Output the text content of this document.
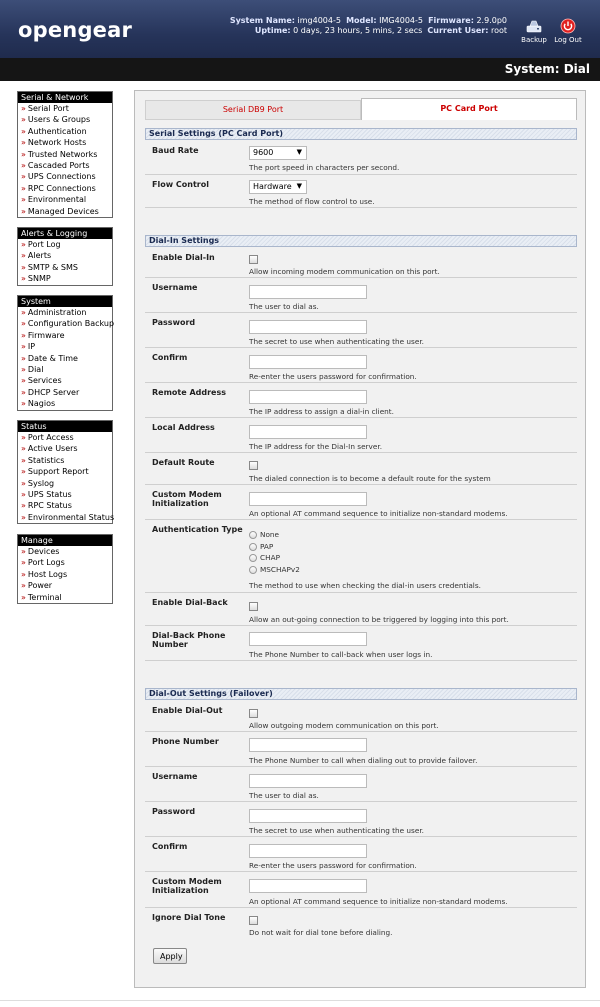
opengear	System Name: img4004-5 Model: IMG4004-5 Firmware: 2.9.0p0
Uptime: 0 days, 23 hours, 5 mins, 2 secs Current User: root
Backup	Log Out
System: Dial
Serial & Network
» Serial Port
» Users & Groups
» Authentication
» Network Hosts
» Trusted Networks
» Cascaded Ports
» UPS Connections
» RPC Connections
» Environmental
» Managed Devices
Alerts & Logging
» Port Log
» Alerts
» SMTP & SMS
» SNMP
System
» Administration
» Configuration Backup
» Firmware
» IP
» Date & Time
» Dial
» Services
» DHCP Server
» Nagios
Status
» Port Access
» Active Users
» Statistics
» Support Report
» Syslog
» UPS Status
» RPC Status
» Environmental Status
Manage
» Devices
» Port Logs
» Host Logs
» Power
» Terminal
Serial DB9 Port	PC Card Port
Serial Settings (PC Card Port)
Baud Rate	9600	▼
The port speed in characters per second.
Flow Control	Hardware ▼
The method of flow control to use.
Dial-In Settings
Enable Dial-In
Allow incoming modem communication on this port.
Username
The user to dial as.
Password
The secret to use when authenticating the user.
Confirm
Re-enter the users password for confirmation.
Remote Address
The IP address to assign a dial-in client.
Local Address
The IP address for the Dial-In server.
Default Route
The dialed connection is to become a default route for the system
Custom Modem Initialization
An optional AT command sequence to initialize non-standard modems.
Authentication Type
None
PAP
CHAP
MSCHAPv2
The method to use when checking the dial-in users credentials.
Enable Dial-Back
Allow an out-going connection to be triggered by logging into this port.
Dial-Back Phone Number
The Phone Number to call-back when user logs in.
Dial-Out Settings (Failover)
Enable Dial-Out
Allow outgoing modem communication on this port.
Phone Number
The Phone Number to call when dialing out to provide failover.
Username
The user to dial as.
Password
The secret to use when authenticating the user.
Confirm
Re-enter the users password for confirmation.
Custom Modem Initialization
An optional AT command sequence to initialize non-standard modems.
Ignore Dial Tone
Do not wait for dial tone before dialing.
Apply
